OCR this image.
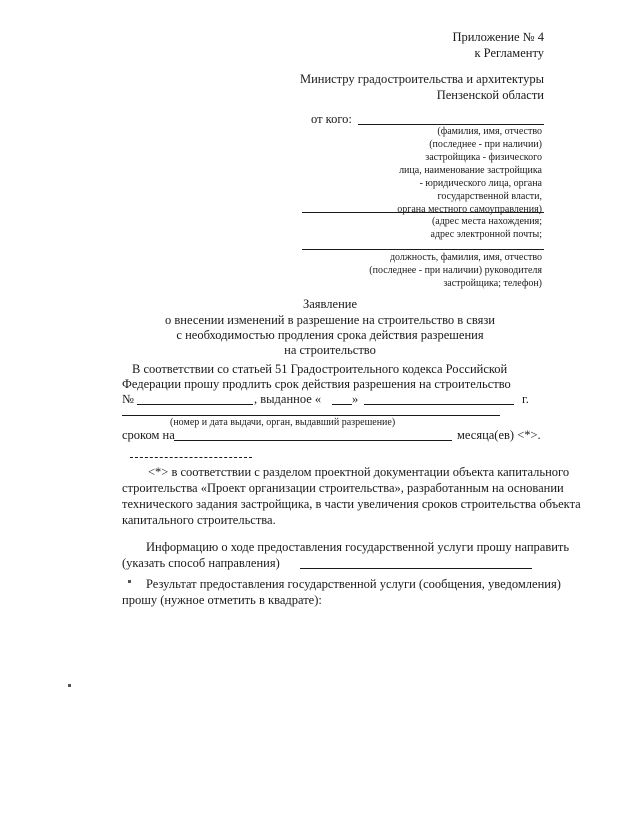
Приложение № 4
к Регламенту
Министру градостроительства и архитектуры
Пензенской области
от кого:
(фамилия, имя, отчество
(последнее - при наличии)
застройщика - физического
лица, наименование застройщика
- юридического лица, органа
государственной власти,
органа местного самоуправления)
(адрес места нахождения;
адрес электронной почты;
должность, фамилия, имя, отчество
(последнее - при наличии) руководителя
застройщика; телефон)
Заявление
о внесении изменений в разрешение на строительство в связи
с необходимостью продления срока действия разрешения
на строительство
В соответствии со статьей 51 Градостроительного кодекса Российской
Федерации прошу продлить срок действия разрешения на строительство
№	, выданное « »	г.
(номер и дата выдачи, орган, выдавший разрешение)
сроком на	месяца(ев) <*>.
<*> в соответствии с разделом проектной документации объекта капитального
строительства «Проект организации строительства», разработанным на основании
технического задания застройщика, в части увеличения сроков строительства объекта
капитального строительства.
Информацию о ходе предоставления государственной услуги прошу направить
(указать способ направления)
Результат предоставления государственной услуги (сообщения, уведомления)
прошу (нужное отметить в квадрате):
